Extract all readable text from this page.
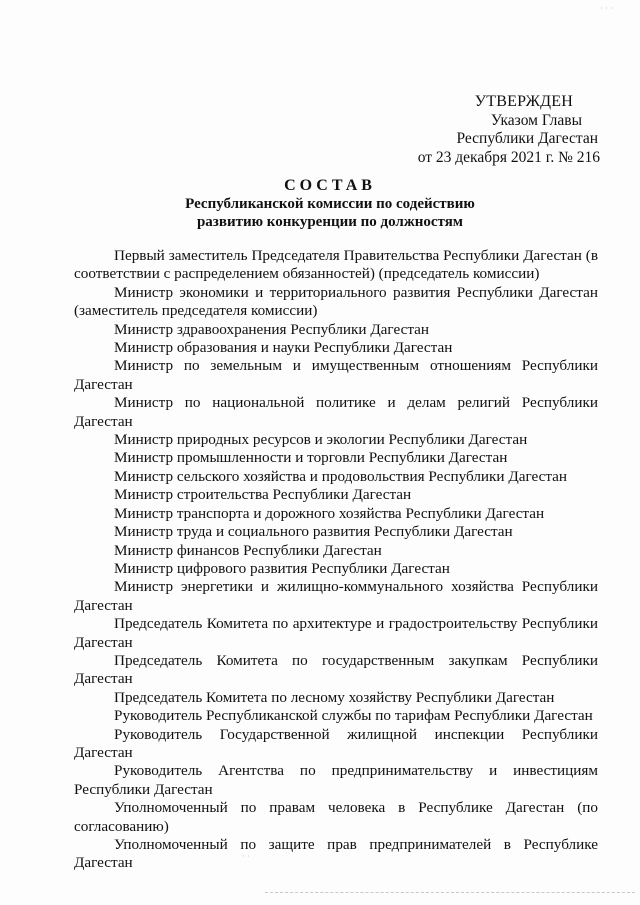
УТВЕРЖДЕН
Указом Главы
Республики Дагестан
от 23 декабря 2021 г. № 216
СОСТАВ
Республиканской комиссии по содействию
развитию конкуренции по должностям

Первый заместитель Председателя Правительства Республики Дагестан (в соответствии с распределением обязанностей) (председатель комиссии)

Министр экономики и территориального развития Республики Дагестан (заместитель председателя комиссии)

Министр здравоохранения Республики Дагестан

Министр образования и науки Республики Дагестан

Министр по земельным и имущественным отношениям Республики Дагестан

Министр по национальной политике и делам религий Республики Дагестан

Министр природных ресурсов и экологии Республики Дагестан

Министр промышленности и торговли Республики Дагестан

Министр сельского хозяйства и продовольствия Республики Дагестан

Министр строительства Республики Дагестан

Министр транспорта и дорожного хозяйства Республики Дагестан

Министр труда и социального развития Республики Дагестан

Министр финансов Республики Дагестан

Министр цифрового развития Республики Дагестан

Министр энергетики и жилищно-коммунального хозяйства Республики Дагестан

Председатель Комитета по архитектуре и градостроительству Республики Дагестан

Председатель Комитета по государственным закупкам Республики Дагестан

Председатель Комитета по лесному хозяйству Республики Дагестан

Руководитель Республиканской службы по тарифам Республики Дагестан

Руководитель Государственной жилищной инспекции Республики Дагестан

Руководитель Агентства по предпринимательству и инвестициям Республики Дагестан

Уполномоченный по правам человека в Республике Дагестан (по согласованию)

Уполномоченный по защите прав предпринимателей в Республике Дагестан	· ·
· · ·
